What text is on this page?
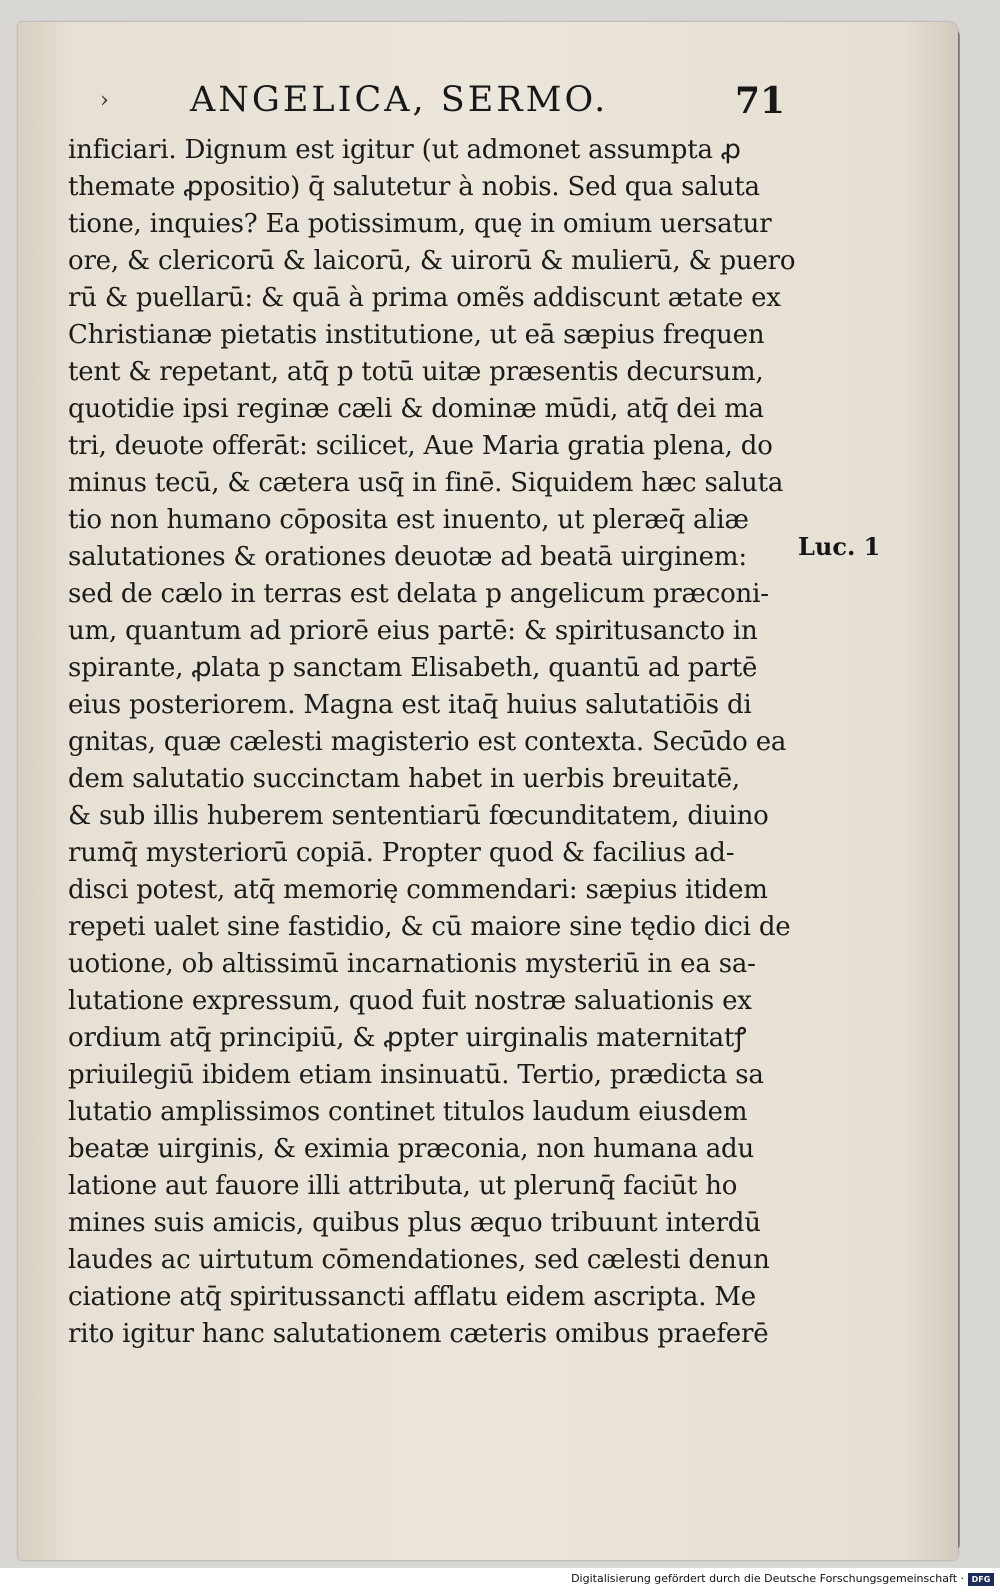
› ANGELICA, SERMO.	71
inficiari. Dignum est igitur (ut admonet assumpta ꝓ
themate ꝓpositio) q̄ salutetur à nobis. Sed qua saluta
tione, inquies? Ea potissimum, quę in omium uersatur
ore, & clericorū & laicorū, & uirorū & mulierū, & puero
rū & puellarū: & quā à prima omẽs addiscunt ætate ex
Christianæ pietatis institutione, ut eā sæpius frequen
tent & repetant, atq̄ p totū uitæ præsentis decursum,
quotidie ipsi reginæ cæli & dominæ mūdi, atq̄ dei ma
tri, deuote offerāt: scilicet, Aue Maria gratia plena, do
minus tecū, & cætera usq̄ in finē. Siquidem hæc saluta
tio non humano cōposita est inuento, ut pleræq̄ aliæ
salutationes & orationes deuotæ ad beatā uirginem:
sed de cælo in terras est delata p angelicum præconi-
um, quantum ad priorē eius partē: & spiritusancto in
spirante, ꝓlata p sanctam Elisabeth, quantū ad partē
eius posteriorem. Magna est itaq̄ huius salutatiōis di
gnitas, quæ cælesti magisterio est contexta. Secūdo ea
dem salutatio succinctam habet in uerbis breuitatē,
& sub illis huberem sententiarū fœcunditatem, diuino
rumq̄ mysteriorū copiā. Propter quod & facilius ad-
disci potest, atq̄ memorię commendari: sæpius itidem
repeti ualet sine fastidio, & cū maiore sine tędio dici de
uotione, ob altissimū incarnationis mysteriū in ea sa-
lutatione expressum, quod fuit nostræ saluationis ex
ordium atq̄ principiū, & ꝓpter uirginalis maternitatꝭ
priuilegiū ibidem etiam insinuatū. Tertio, prædicta sa
lutatio amplissimos continet titulos laudum eiusdem
beatæ uirginis, & eximia præconia, non humana adu
latione aut fauore illi attributa, ut plerunq̄ faciūt ho
mines suis amicis, quibus plus æquo tribuunt interdū
laudes ac uirtutum cōmendationes, sed cælesti denun
ciatione atq̄ spiritussancti afflatu eidem ascripta. Me
rito igitur hanc salutationem cæteris omibus praeferē
Luc. 1
Digitalisierung gefördert durch die Deutsche Forschungsgemeinschaft · DFG
